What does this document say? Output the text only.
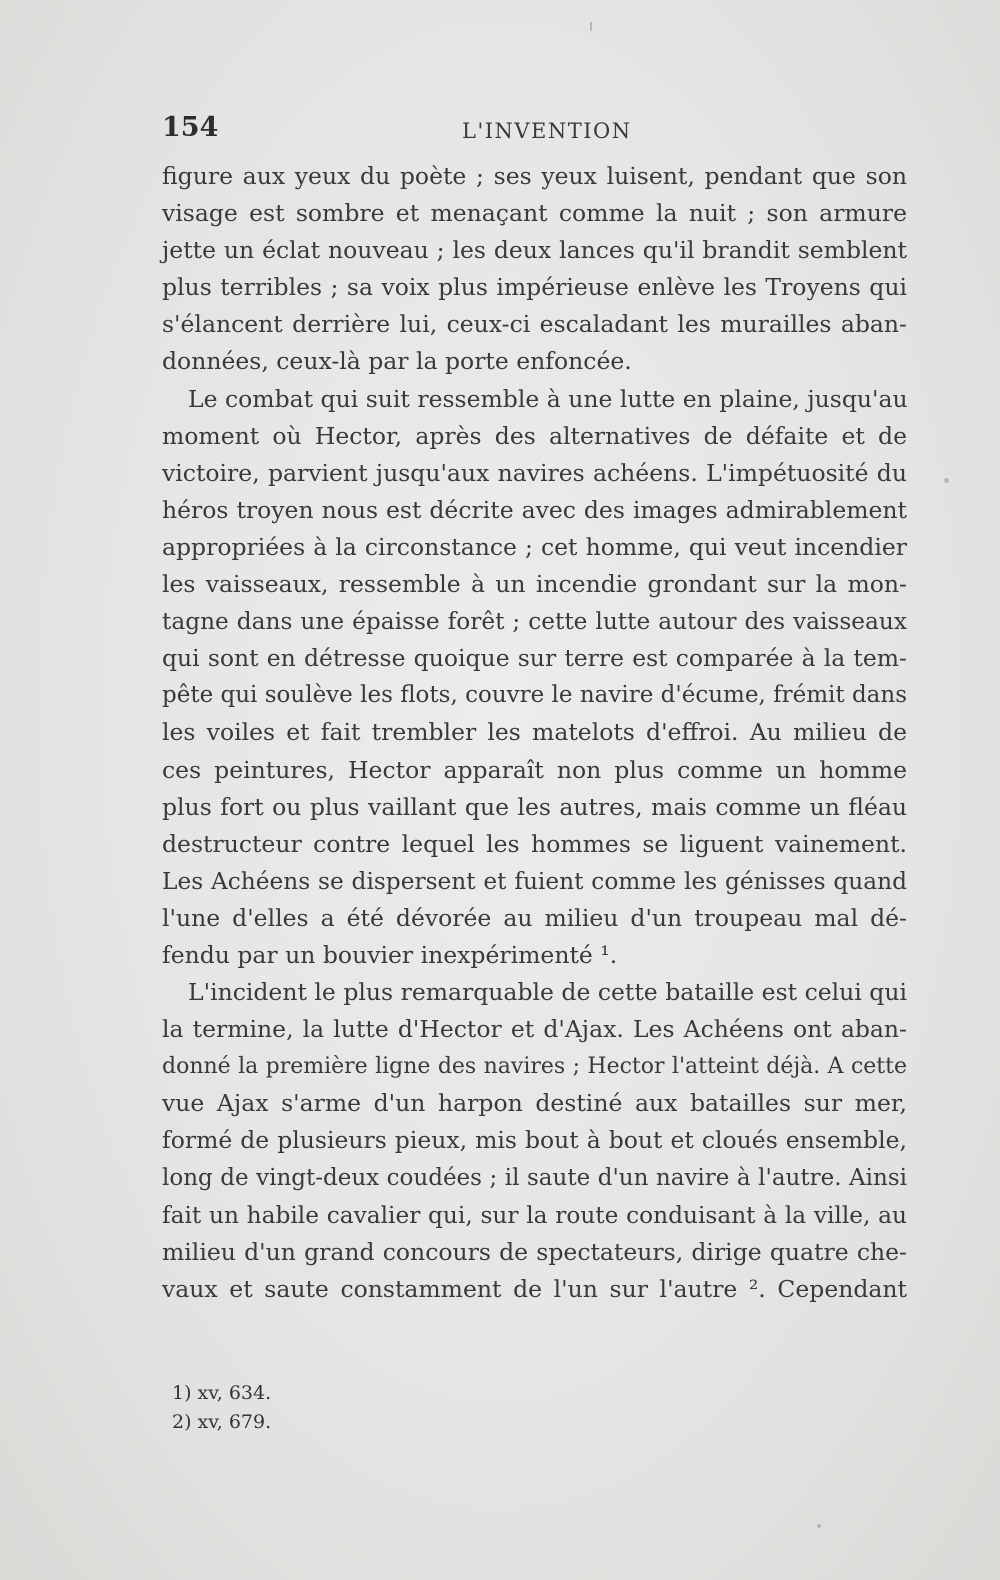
154	L'INVENTION
figure aux yeux du poète ; ses yeux luisent, pendant que son
visage est sombre et menaçant comme la nuit ; son armure
jette un éclat nouveau ; les deux lances qu'il brandit semblent
plus terribles ; sa voix plus impérieuse enlève les Troyens qui
s'élancent derrière lui, ceux-ci escaladant les murailles aban-
données, ceux-là par la porte enfoncée.
Le combat qui suit ressemble à une lutte en plaine, jusqu'au
moment où Hector, après des alternatives de défaite et de
victoire, parvient jusqu'aux navires achéens. L'impétuosité du
héros troyen nous est décrite avec des images admirablement
appropriées à la circonstance ; cet homme, qui veut incendier
les vaisseaux, ressemble à un incendie grondant sur la mon-
tagne dans une épaisse forêt ; cette lutte autour des vaisseaux
qui sont en détresse quoique sur terre est comparée à la tem-
pête qui soulève les flots, couvre le navire d'écume, frémit dans
les voiles et fait trembler les matelots d'effroi. Au milieu de
ces peintures, Hector apparaît non plus comme un homme
plus fort ou plus vaillant que les autres, mais comme un fléau
destructeur contre lequel les hommes se liguent vainement.
Les Achéens se dispersent et fuient comme les génisses quand
l'une d'elles a été dévorée au milieu d'un troupeau mal dé-
fendu par un bouvier inexpérimenté ¹.
L'incident le plus remarquable de cette bataille est celui qui
la termine, la lutte d'Hector et d'Ajax. Les Achéens ont aban-
donné la première ligne des navires ; Hector l'atteint déjà. A cette
vue Ajax s'arme d'un harpon destiné aux batailles sur mer,
formé de plusieurs pieux, mis bout à bout et cloués ensemble,
long de vingt-deux coudées ; il saute d'un navire à l'autre. Ainsi
fait un habile cavalier qui, sur la route conduisant à la ville, au
milieu d'un grand concours de spectateurs, dirige quatre che-
vaux et saute constamment de l'un sur l'autre ². Cependant
1) xv, 634.
2) xv, 679.
